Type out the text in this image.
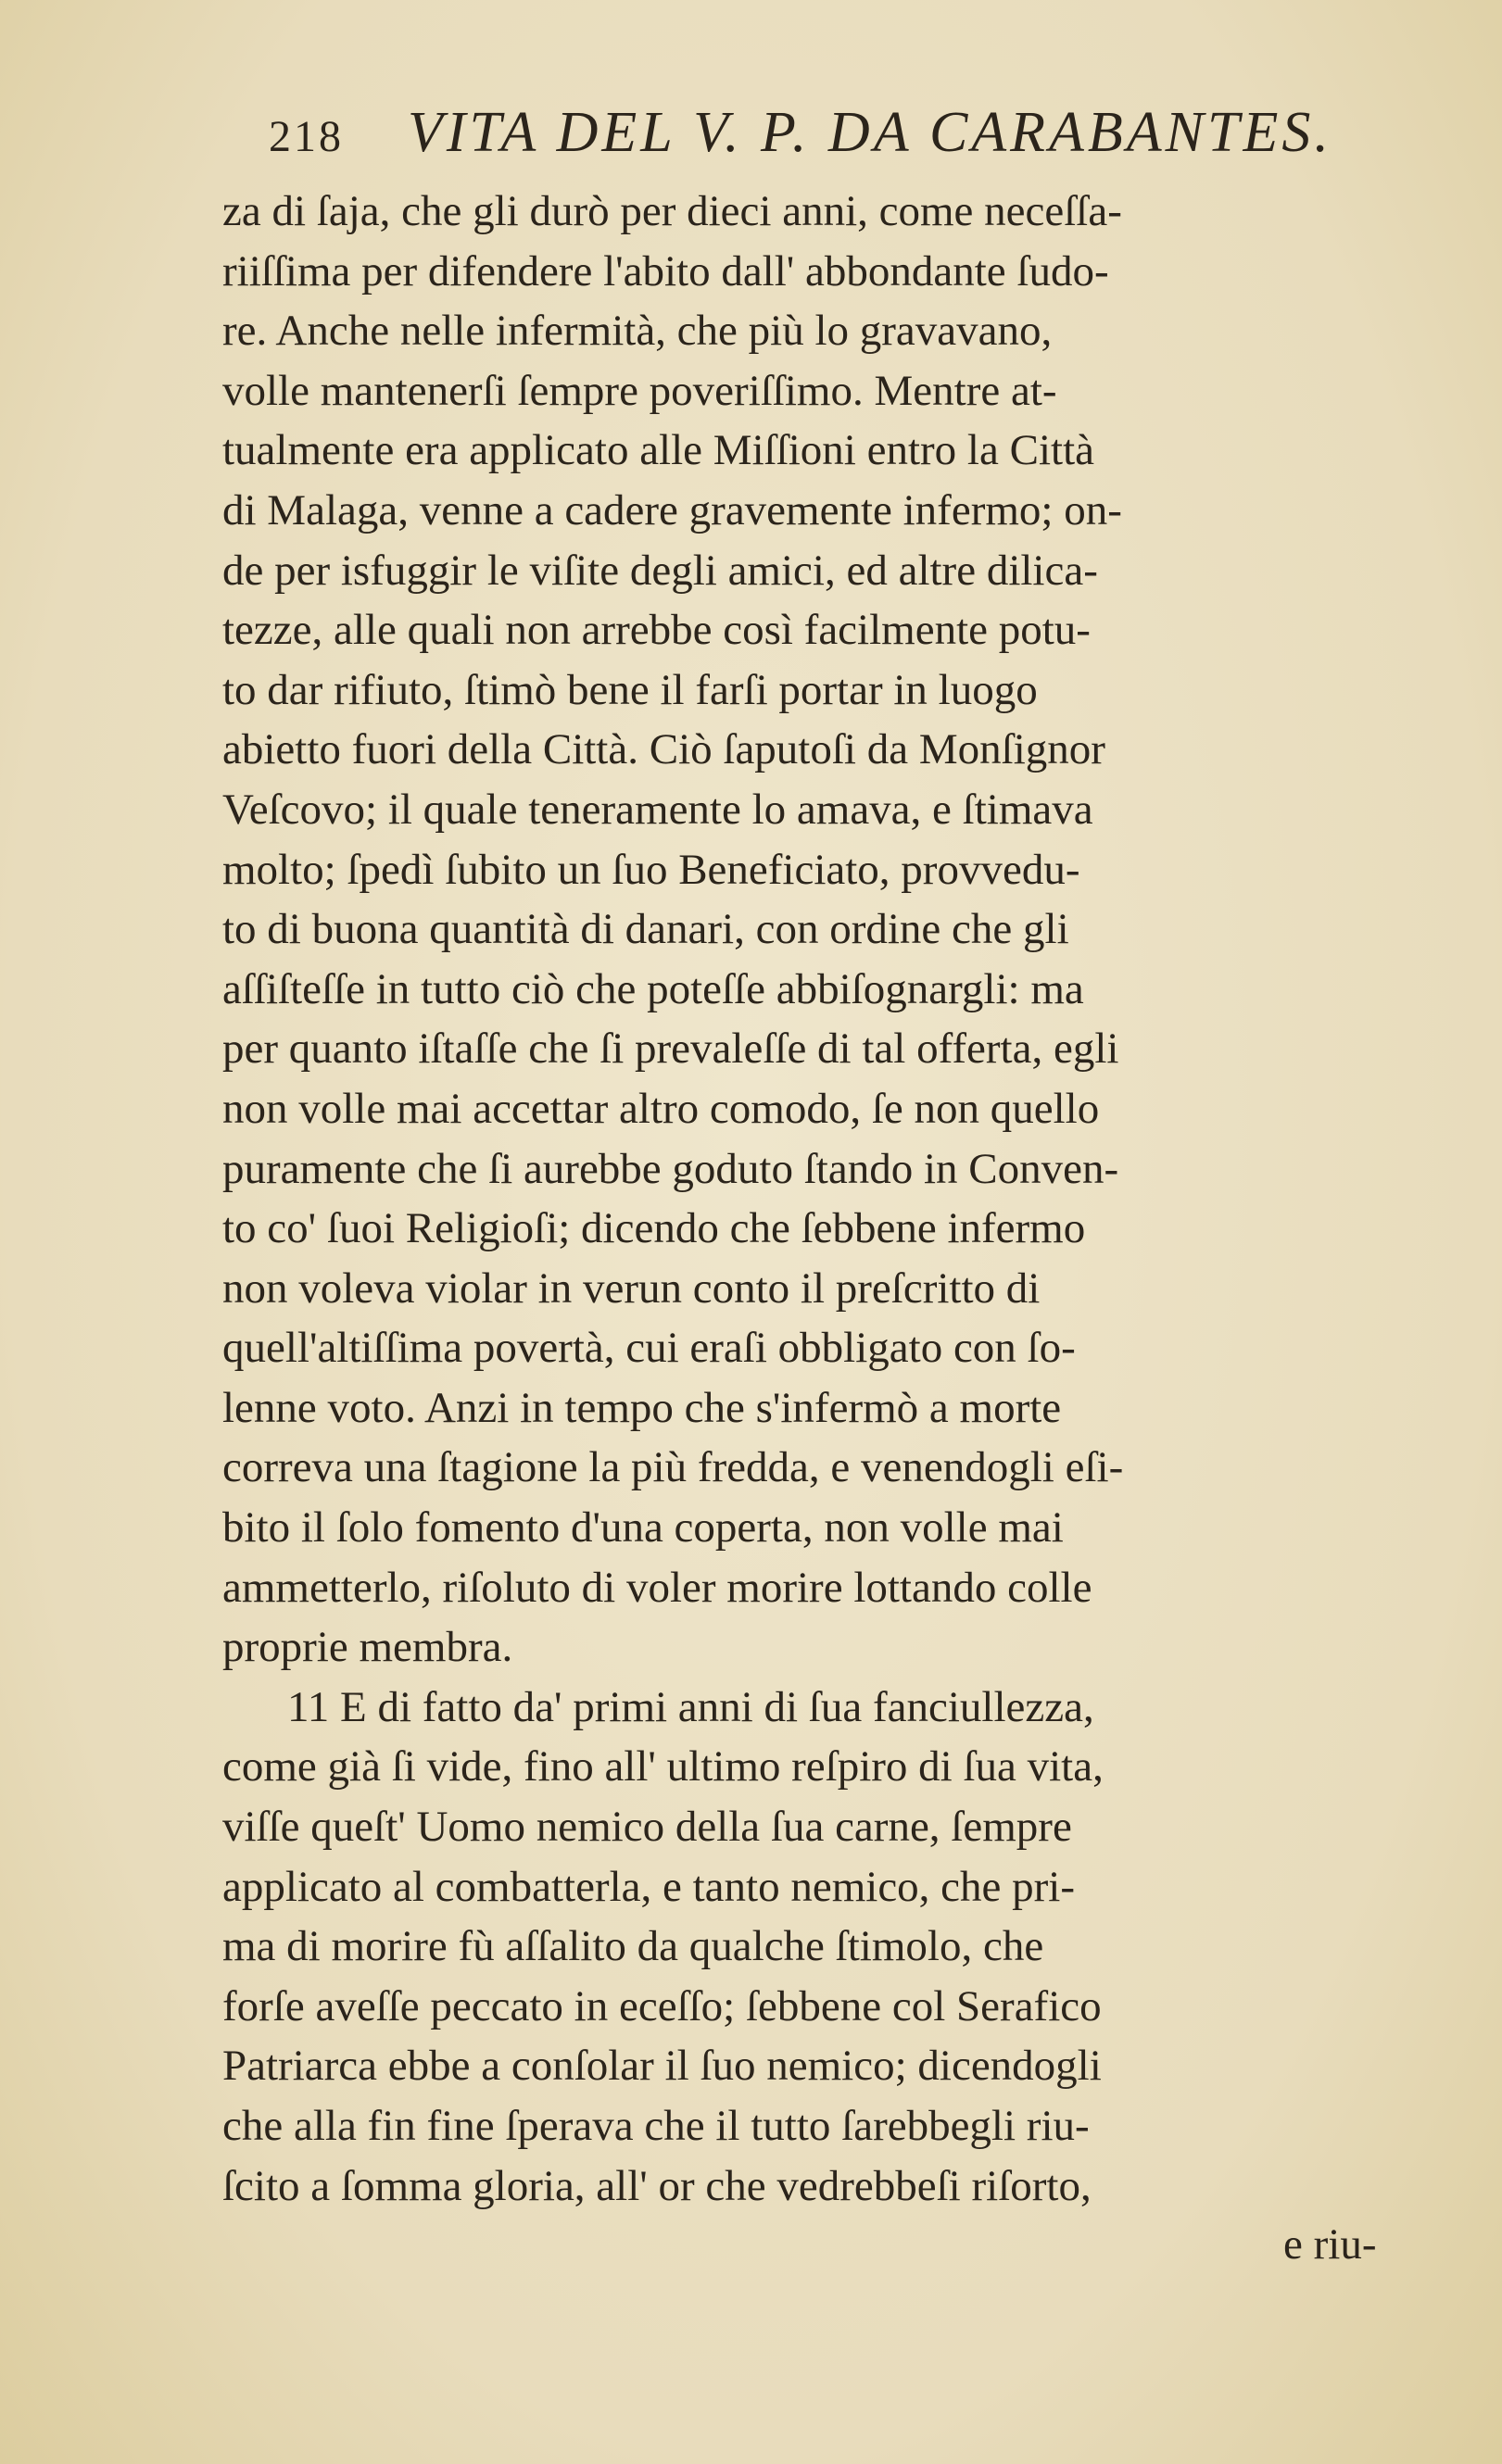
218	VITA DEL V. P. DA CARABANTES.
za di ſaja, che gli durò per dieci anni, come neceſſa-
riiſſima per difendere l'abito dall' abbondante ſudo-
re. Anche nelle infermità, che più lo gravavano,
volle mantenerſi ſempre poveriſſimo. Mentre at-
tualmente era applicato alle Miſſioni entro la Città
di Malaga, venne a cadere gravemente infermo; on-
de per isfuggir le viſite degli amici, ed altre dilica-
tezze, alle quali non arrebbe così facilmente potu-
to dar rifiuto, ſtimò bene il farſi portar in luogo
abietto fuori della Città. Ciò ſaputoſi da Monſignor
Veſcovo; il quale teneramente lo amava, e ſtimava
molto; ſpedì ſubito un ſuo Beneficiato, provvedu-
to di buona quantità di danari, con ordine che gli
aſſiſteſſe in tutto ciò che poteſſe abbiſognargli: ma
per quanto iſtaſſe che ſi prevaleſſe di tal offerta, egli
non volle mai accettar altro comodo, ſe non quello
puramente che ſi aurebbe goduto ſtando in Conven-
to co' ſuoi Religioſi; dicendo che ſebbene infermo
non voleva violar in verun conto il preſcritto di
quell'altiſſima povertà, cui eraſi obbligato con ſo-
lenne voto. Anzi in tempo che s'infermò a morte
correva una ſtagione la più fredda, e venendogli eſi-
bito il ſolo fomento d'una coperta, non volle mai
ammetterlo, riſoluto di voler morire lottando colle
proprie membra.
11 E di fatto da' primi anni di ſua fanciullezza,
come già ſi vide, fino all' ultimo reſpiro di ſua vita,
viſſe queſt' Uomo nemico della ſua carne, ſempre
applicato al combatterla, e tanto nemico, che pri-
ma di morire fù aſſalito da qualche ſtimolo, che
forſe aveſſe peccato in eceſſo; ſebbene col Serafico
Patriarca ebbe a conſolar il ſuo nemico; dicendogli
che alla fin fine ſperava che il tutto ſarebbegli riu-
ſcito a ſomma gloria, all' or che vedrebbeſi riſorto,
e riu-
